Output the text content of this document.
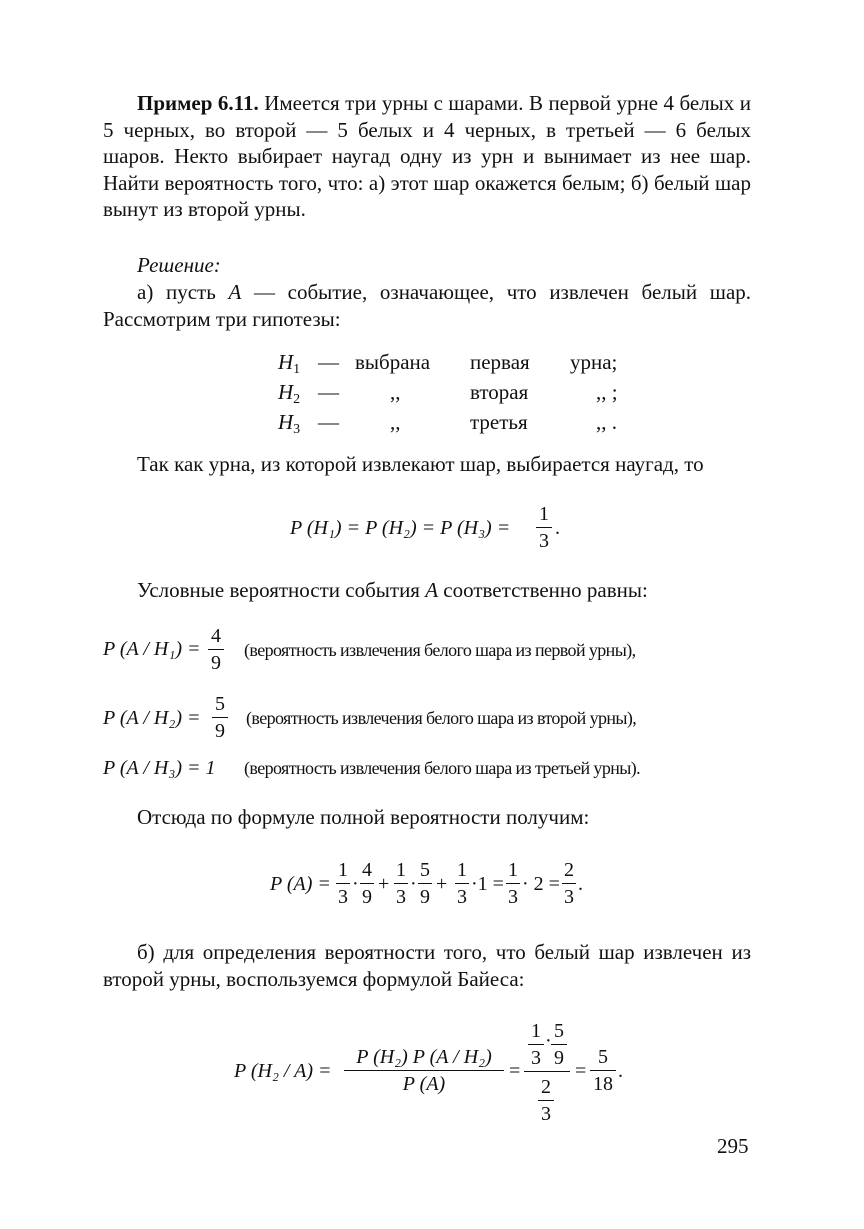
Пример 6.11. Имеется три урны с шарами. В первой урне 4 белых и 5 черных, во второй — 5 белых и 4 черных, в третьей — 6 белых шаров. Некто выбирает наугад одну из урн и вынимает из нее шар. Найти вероятность того, что: а) этот шар окажется белым; б) белый шар вынут из второй урны.

Решение:

а) пусть A — событие, означающее, что извлечен белый шар. Рассмотрим три гипотезы:

$H_1$ — выбрана первая урна;
$H_2$ — ,,	вторая	,, ;
$H_3$ — ,,	третья	,, .
Так как урна, из которой извлекают шар, выбирается наугад, то
P (H₁) = P (H₂) = P (H₃) =
1
3
.
Условные вероятности события A соответственно равны:
P (A / H₁) =
4
9
(вероятность извлечения белого шара из первой урны),
P (A / H₂) =
5
9
(вероятность извлечения белого шара из второй урны),
P (A / H₃) = 1 (вероятность извлечения белого шара из третьей урны).
Отсюда по формуле полной вероятности получим:
P (A) =
1
3
·
4
9
+
1
3
·
5
9
+
1
3
·1 =
1
3
· 2 =
2
3
.

б) для определения вероятности того, что белый шар извлечен из второй урны, воспользуемся формулой Байеса:

P (H₂ / A) =
P (H₂) P (A / H₂)
P (A)
=
1
3
· 5
9
2
3
=
5
18
.
295
